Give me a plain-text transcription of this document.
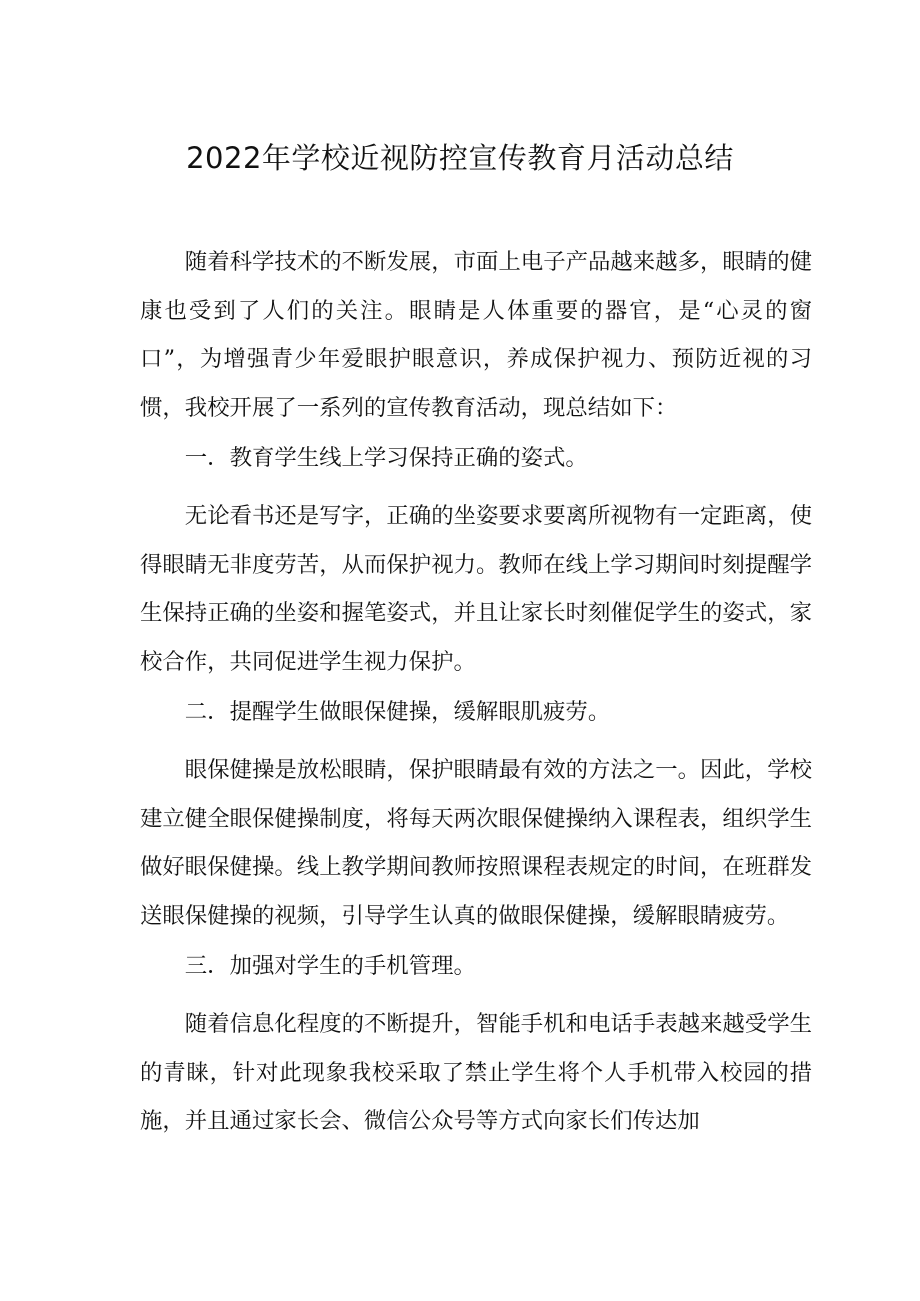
2022年学校近视防控宣传教育月活动总结

随着科学技术的不断发展，市面上电子产品越来越多，眼睛的健康也受到了人们的关注。眼睛是人体重要的器官，是“心灵的窗口”，为增强青少年爱眼护眼意识，养成保护视力、预防近视的习惯，我校开展了一系列的宣传教育活动，现总结如下：

一．教育学生线上学习保持正确的姿式。

无论看书还是写字，正确的坐姿要求要离所视物有一定距离，使得眼睛无非度劳苦，从而保护视力。教师在线上学习期间时刻提醒学生保持正确的坐姿和握笔姿式，并且让家长时刻催促学生的姿式，家校合作，共同促进学生视力保护。

二．提醒学生做眼保健操，缓解眼肌疲劳。

眼保健操是放松眼睛，保护眼睛最有效的方法之一。因此，学校建立健全眼保健操制度，将每天两次眼保健操纳入课程表，组织学生做好眼保健操。线上教学期间教师按照课程表规定的时间，在班群发送眼保健操的视频，引导学生认真的做眼保健操，缓解眼睛疲劳。

三．加强对学生的手机管理。

随着信息化程度的不断提升，智能手机和电话手表越来越受学生的青睐，针对此现象我校采取了禁止学生将个人手机带入校园的措施，并且通过家长会、微信公众号等方式向家长们传达加
